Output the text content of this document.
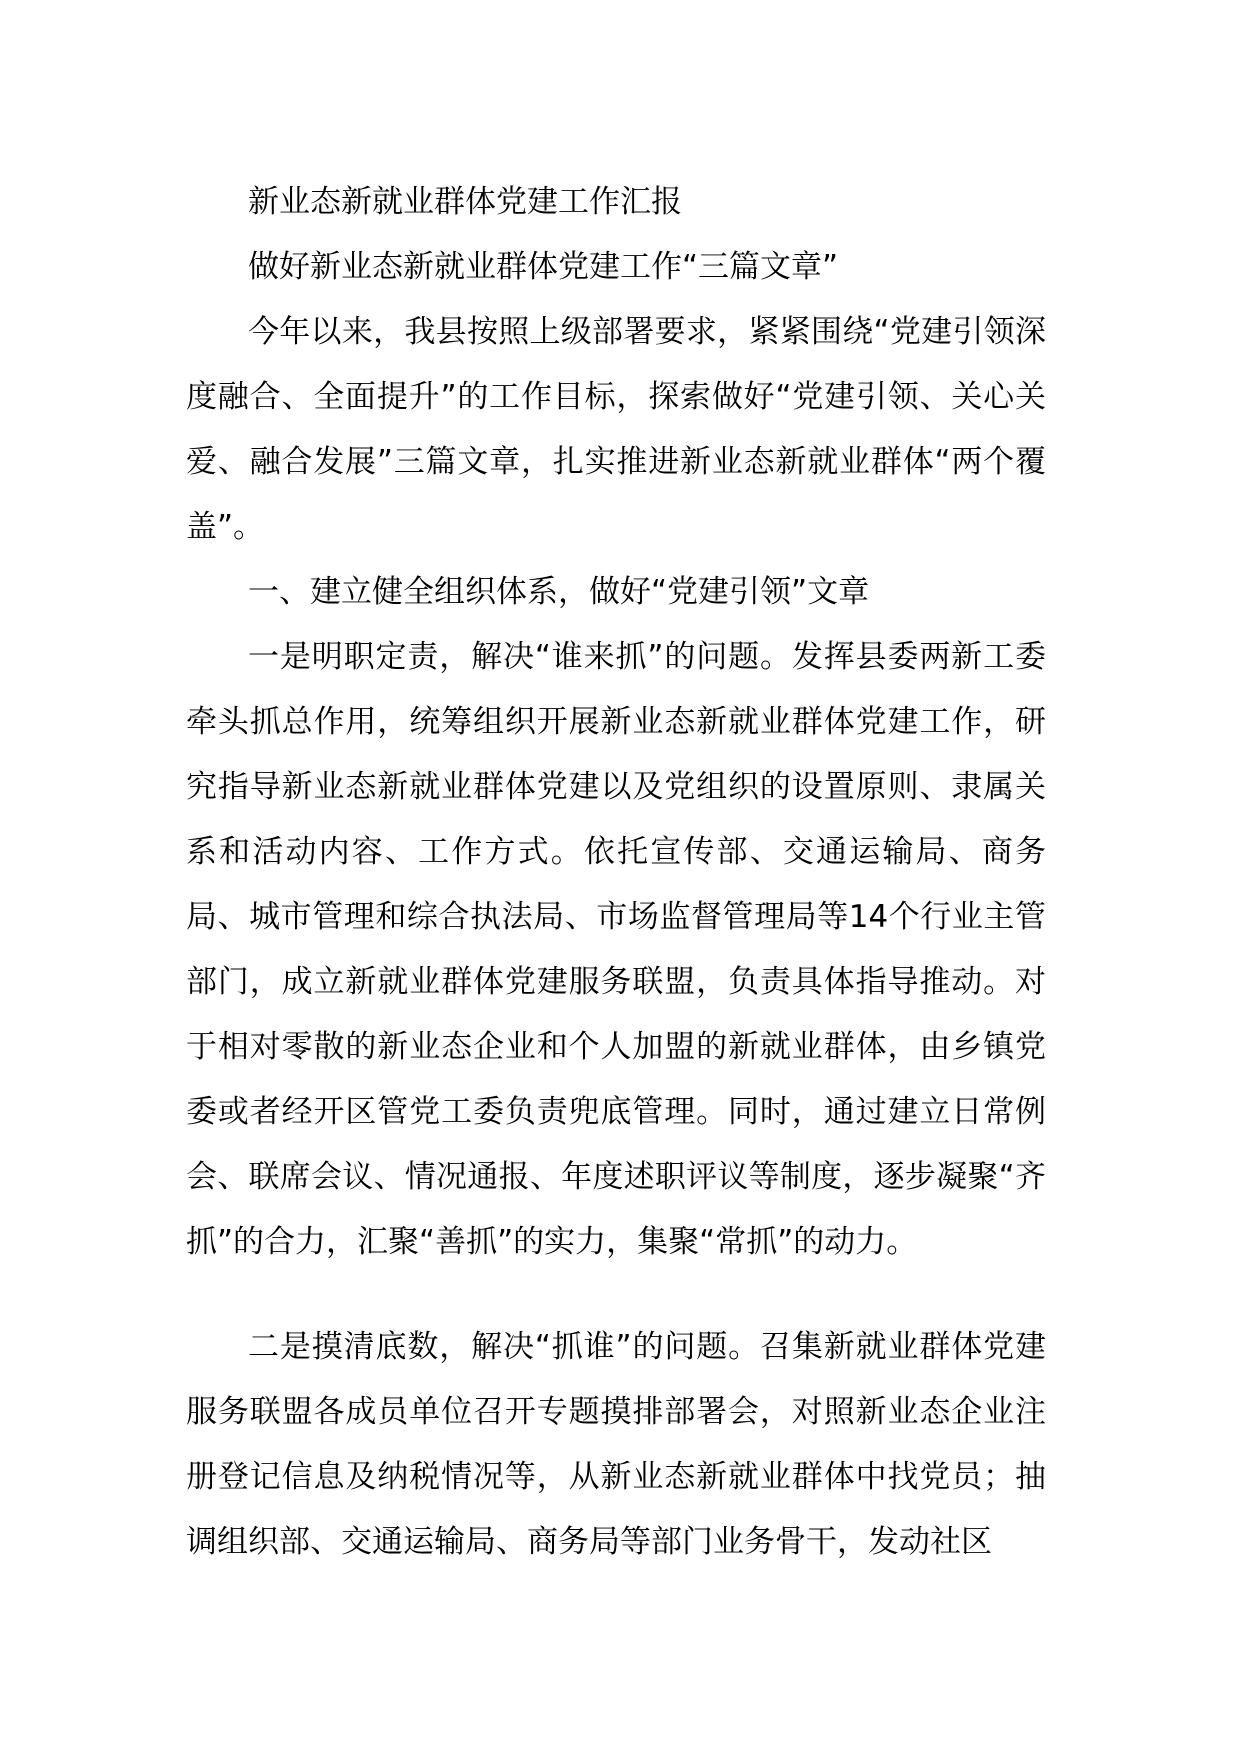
新业态新就业群体党建工作汇报

做好新业态新就业群体党建工作“三篇文章”

今年以来，我县按照上级部署要求，紧紧围绕“党建引领深度融合、全面提升”的工作目标，探索做好“党建引领、关心关爱、融合发展”三篇文章，扎实推进新业态新就业群体“两个覆盖”。

一、建立健全组织体系，做好“党建引领”文章

一是明职定责，解决“谁来抓”的问题。发挥县委两新工委牵头抓总作用，统筹组织开展新业态新就业群体党建工作，研究指导新业态新就业群体党建以及党组织的设置原则、隶属关系和活动内容、工作方式。依托宣传部、交通运输局、商务局、城市管理和综合执法局、市场监督管理局等14个行业主管部门，成立新就业群体党建服务联盟，负责具体指导推动。对于相对零散的新业态企业和个人加盟的新就业群体，由乡镇党委或者经开区管党工委负责兜底管理。同时，通过建立日常例会、联席会议、情况通报、年度述职评议等制度，逐步凝聚“齐抓”的合力，汇聚“善抓”的实力，集聚“常抓”的动力。

二是摸清底数，解决“抓谁”的问题。召集新就业群体党建服务联盟各成员单位召开专题摸排部署会，对照新业态企业注册登记信息及纳税情况等，从新业态新就业群体中找党员；抽调组织部、交通运输局、商务局等部门业务骨干，发动社区
